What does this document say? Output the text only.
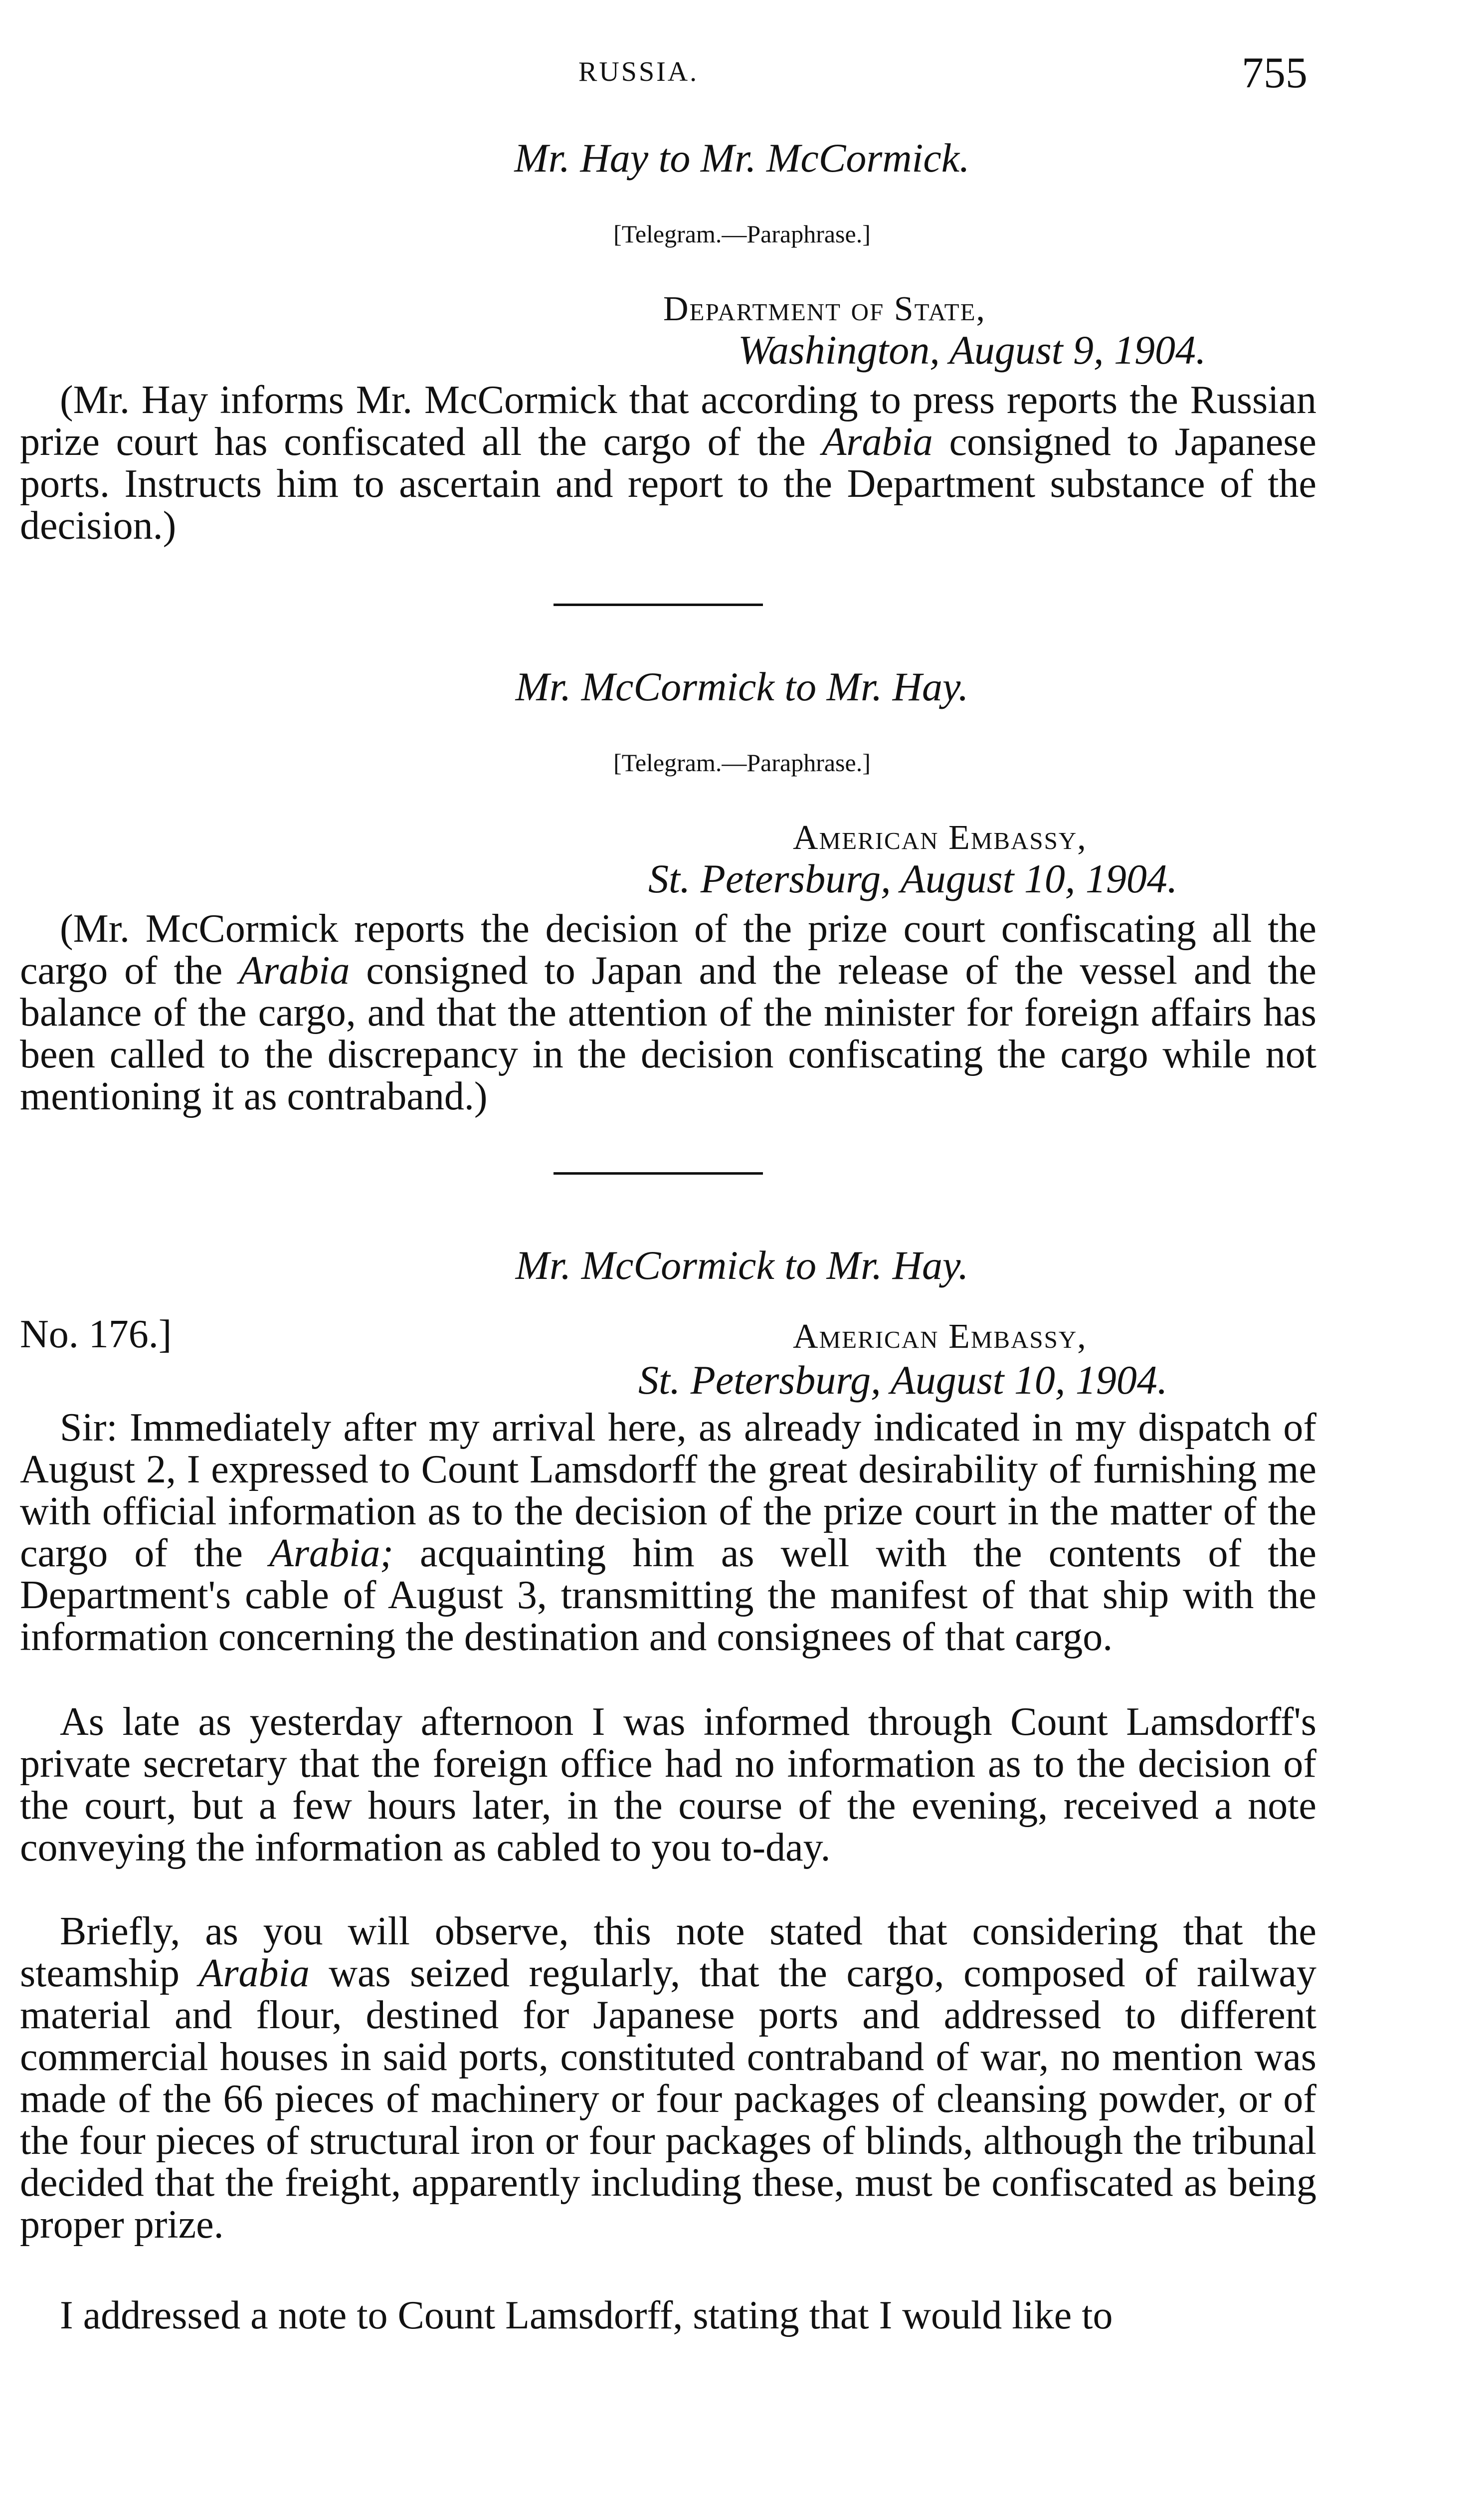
RUSSIA.	755
Mr. Hay to Mr. McCormick.
[Telegram.—Paraphrase.]
Department of State,
Washington, August 9, 1904.
(Mr. Hay informs Mr. McCormick that according to press reports the Russian prize court has confiscated all the cargo of the Arabia consigned to Japanese ports. Instructs him to ascertain and report to the Department substance of the decision.)
Mr. McCormick to Mr. Hay.
[Telegram.—Paraphrase.]
American Embassy,
St. Petersburg, August 10, 1904.
(Mr. McCormick reports the decision of the prize court confiscating all the cargo of the Arabia consigned to Japan and the release of the vessel and the balance of the cargo, and that the attention of the minister for foreign affairs has been called to the discrepancy in the decision confiscating the cargo while not mentioning it as contraband.)
Mr. McCormick to Mr. Hay.
No. 176.]	American Embassy,
St. Petersburg, August 10, 1904.
Sir: Immediately after my arrival here, as already indicated in my dispatch of August 2, I expressed to Count Lamsdorff the great desirability of furnishing me with official information as to the decision of the prize court in the matter of the cargo of the Arabia; acquainting him as well with the contents of the Department's cable of August 3, transmitting the manifest of that ship with the information concerning the destination and consignees of that cargo.
As late as yesterday afternoon I was informed through Count Lamsdorff's private secretary that the foreign office had no information as to the decision of the court, but a few hours later, in the course of the evening, received a note conveying the information as cabled to you to-day.
Briefly, as you will observe, this note stated that considering that the steamship Arabia was seized regularly, that the cargo, composed of railway material and flour, destined for Japanese ports and addressed to different commercial houses in said ports, constituted contraband of war, no mention was made of the 66 pieces of machinery or four packages of cleansing powder, or of the four pieces of structural iron or four packages of blinds, although the tribunal decided that the freight, apparently including these, must be confiscated as being proper prize.
I addressed a note to Count Lamsdorff, stating that I would like to
